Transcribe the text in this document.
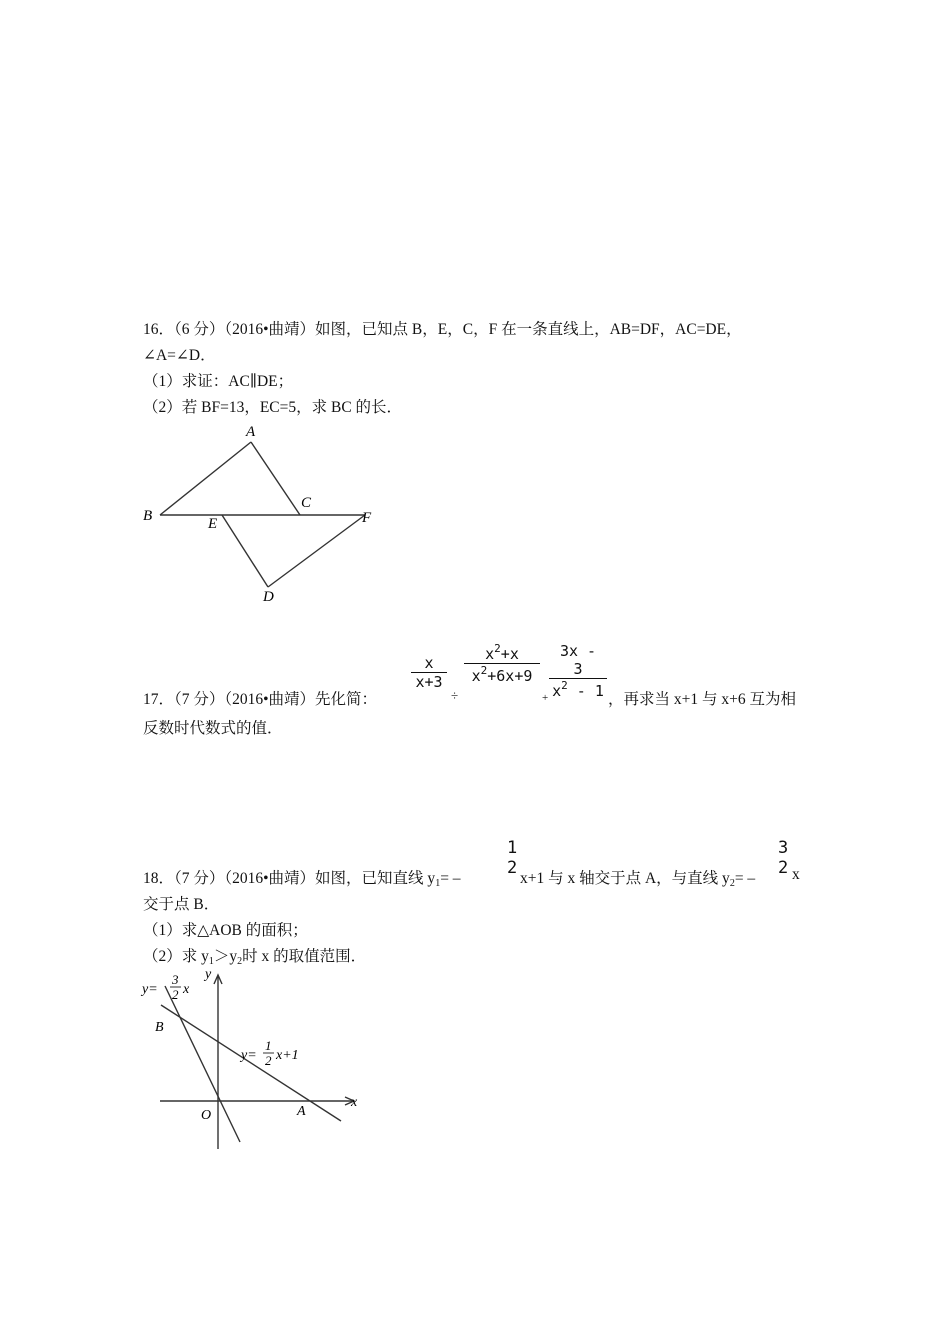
16．（6 分）（2016•曲靖）如图，已知点 B，E，C，F 在一条直线上，AB=DF，AC=DE，
∠A=∠D．
（1）求证：AC∥DE；
（2）若 BF=13，EC=5，求 BC 的长．
A
B
C
E	F
D
17．（7 分）（2016•曲靖）先化简：
x
x+3
÷
$x^2+x$
$x^2+6x+9$
+
3x - 3
$x^2 - 1$ ，再求当 x+1 与 x+6 互为相
反数时代数式的值．
18．（7 分）（2016•曲靖）如图，已知直线 $y_1=$ –
1
2
x+1 与 x 轴交于点 A，与直线 $y_2=$ –
3
2 x
交于点 B．
（1）求△AOB 的面积；
（2）求 $y_1>y_2$时 x 的取值范围．
y
x
O	A
B
y=
3
2 x
y=
1
2 x+1
